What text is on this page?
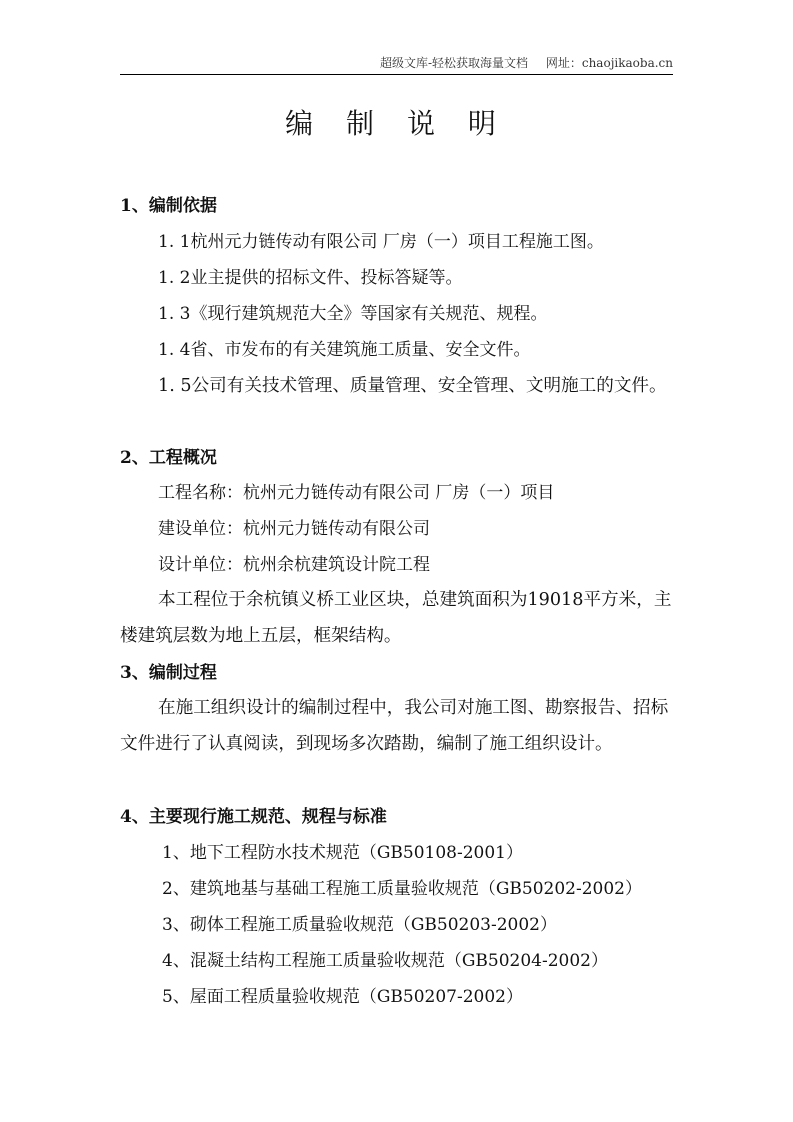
超级文库-轻松获取海量文档 网址：chaojikaoba.cn
编 制 说 明
1、编制依据
1. 1杭州元力链传动有限公司 厂房（一）项目工程施工图。
1. 2业主提供的招标文件、投标答疑等。
1. 3《现行建筑规范大全》等国家有关规范、规程。
1. 4省、市发布的有关建筑施工质量、安全文件。
1. 5公司有关技术管理、质量管理、安全管理、文明施工的文件。
2、工程概况
工程名称：杭州元力链传动有限公司 厂房（一）项目
建设单位：杭州元力链传动有限公司
设计单位：杭州余杭建筑设计院工程
本工程位于余杭镇义桥工业区块，总建筑面积为19018平方米，主楼建筑层数为地上五层，框架结构。
3、编制过程
在施工组织设计的编制过程中，我公司对施工图、勘察报告、招标文件进行了认真阅读，到现场多次踏勘，编制了施工组织设计。
4、主要现行施工规范、规程与标准
1、地下工程防水技术规范（GB50108-2001）
2、建筑地基与基础工程施工质量验收规范（GB50202-2002）
3、砌体工程施工质量验收规范（GB50203-2002）
4、混凝土结构工程施工质量验收规范（GB50204-2002）
5、屋面工程质量验收规范（GB50207-2002）
